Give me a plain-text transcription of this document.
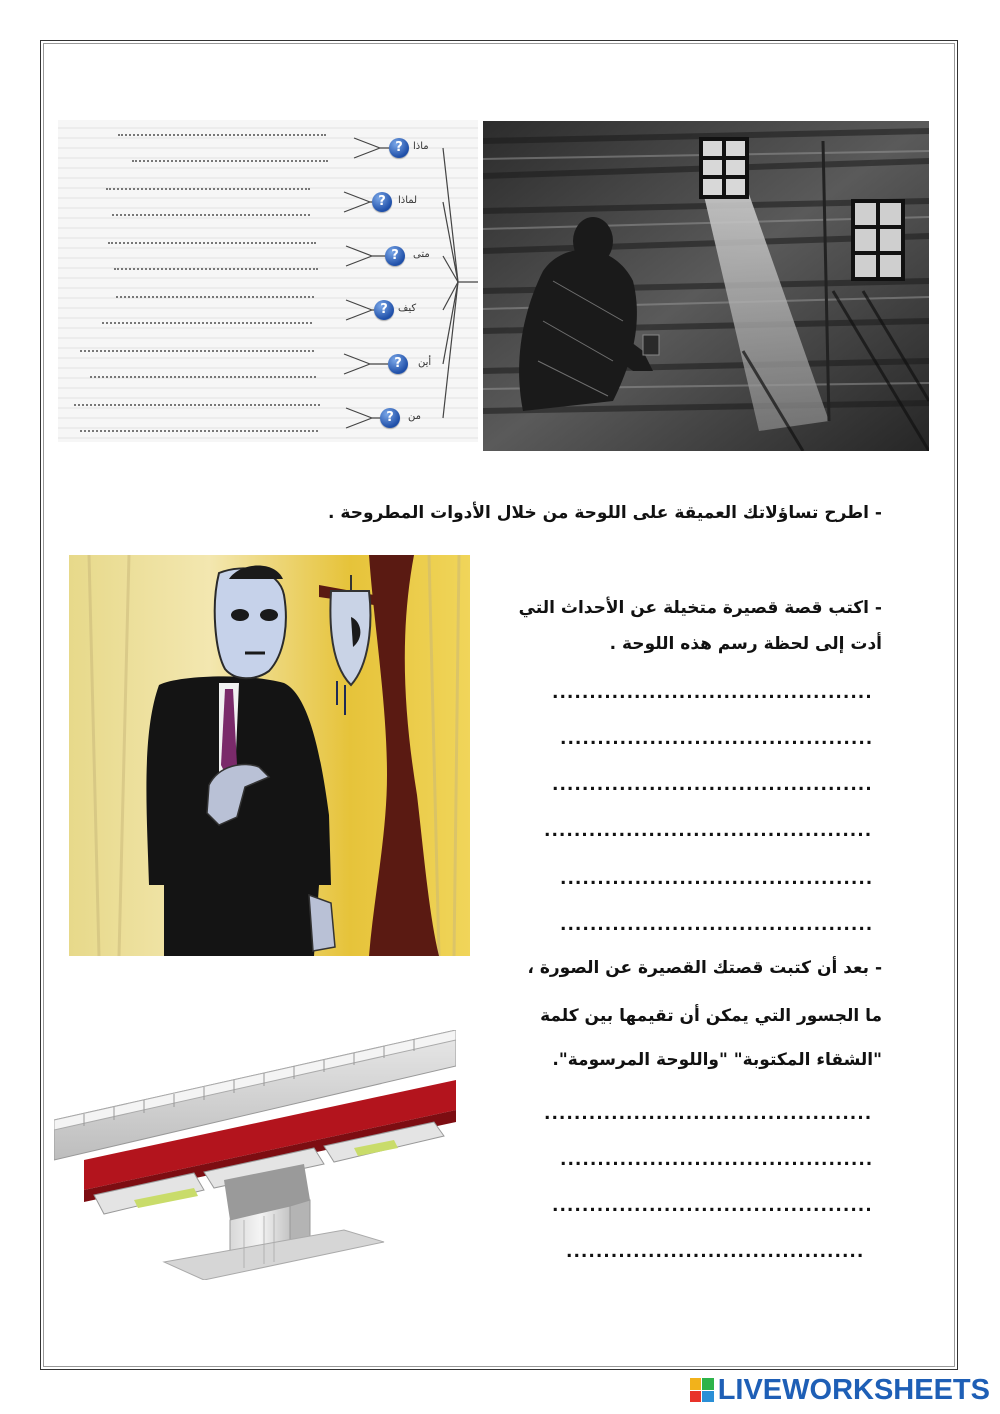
?	ماذا
?	لماذا
?	متى
?	كيف
?	أين
?	من
- اطرح تساؤلاتك العميقة على اللوحة من خلال الأدوات المطروحة .
- اكتب قصة قصيرة متخيلة عن الأحداث التي
أدت إلى لحظة رسم هذه اللوحة .
...........................................
..........................................
...........................................
............................................
..........................................
..........................................
- بعد أن كتبت قصتك القصيرة عن الصورة ،
ما الجسور التي يمكن أن تقيمها بين كلمة
"الشقاء المكتوبة" "واللوحة المرسومة".
............................................
..........................................
...........................................
........................................
LIVEWORKSHEETS
